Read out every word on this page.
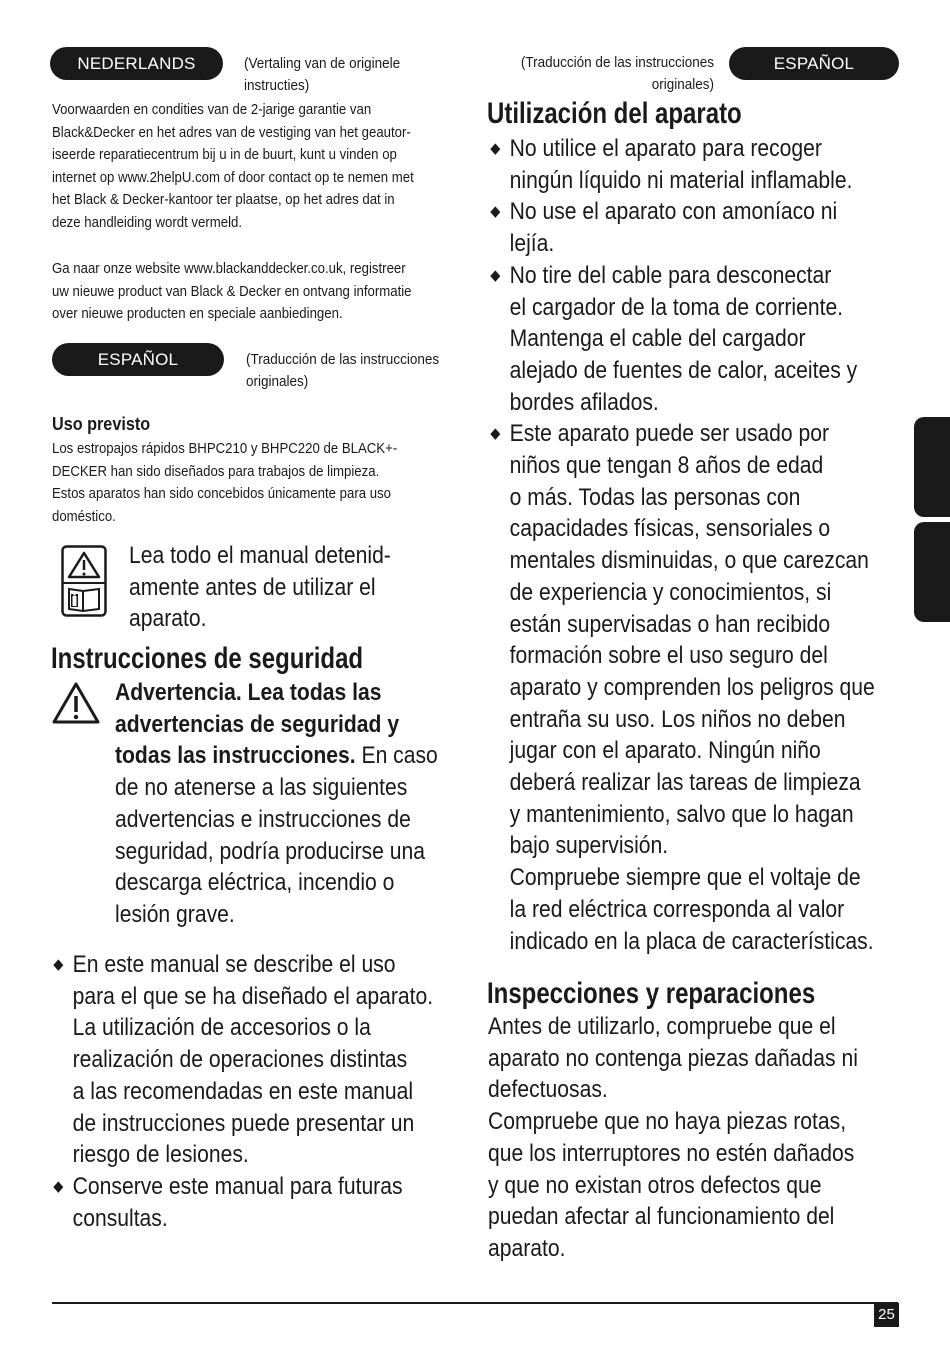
NEDERLANDS	(Vertaling van de originele
instructies)
Voorwaarden en condities van de 2-jarige garantie van
Black&Decker en het adres van de vestiging van het geautor-
iseerde reparatiecentrum bij u in de buurt, kunt u vinden op
internet op www.2helpU.com of door contact op te nemen met
het Black & Decker-kantoor ter plaatse, op het adres dat in
deze handleiding wordt vermeld.
Ga naar onze website www.blackanddecker.co.uk, registreer
uw nieuwe product van Black & Decker en ontvang informatie
over nieuwe producten en speciale aanbiedingen.
ESPAÑOL	(Traducción de las instrucciones
originales)
Uso previsto
Los estropajos rápidos BHPC210 y BHPC220 de BLACK+-
DECKER han sido diseñados para trabajos de limpieza.
Estos aparatos han sido concebidos únicamente para uso
doméstico.
Lea todo el manual detenid-
amente antes de utilizar el
aparato.
Instrucciones de seguridad
Advertencia. Lea todas las
advertencias de seguridad y
todas las instrucciones. En caso
de no atenerse a las siguientes
advertencias e instrucciones de
seguridad, podría producirse una
descarga eléctrica, incendio o
lesión grave.
◆ En este manual se describe el uso
para el que se ha diseñado el aparato.
La utilización de accesorios o la
realización de operaciones distintas
a las recomendadas en este manual
de instrucciones puede presentar un
riesgo de lesiones.
◆ Conserve este manual para futuras
consultas.
(Traducción de las instrucciones
originales)
ESPAÑOL
Utilización del aparato
◆ No utilice el aparato para recoger
ningún líquido ni material inflamable.
◆ No use el aparato con amoníaco ni
lejía.
◆ No tire del cable para desconectar
el cargador de la toma de corriente.
Mantenga el cable del cargador
alejado de fuentes de calor, aceites y
bordes afilados.
◆ Este aparato puede ser usado por
niños que tengan 8 años de edad
o más. Todas las personas con
capacidades físicas, sensoriales o
mentales disminuidas, o que carezcan
de experiencia y conocimientos, si
están supervisadas o han recibido
formación sobre el uso seguro del
aparato y comprenden los peligros que
entraña su uso. Los niños no deben
jugar con el aparato. Ningún niño
deberá realizar las tareas de limpieza
y mantenimiento, salvo que lo hagan
bajo supervisión.
Compruebe siempre que el voltaje de
la red eléctrica corresponda al valor
indicado en la placa de características.
Inspecciones y reparaciones
Antes de utilizarlo, compruebe que el
aparato no contenga piezas dañadas ni
defectuosas.
Compruebe que no haya piezas rotas,
que los interruptores no estén dañados
y que no existan otros defectos que
puedan afectar al funcionamiento del
aparato.
25
